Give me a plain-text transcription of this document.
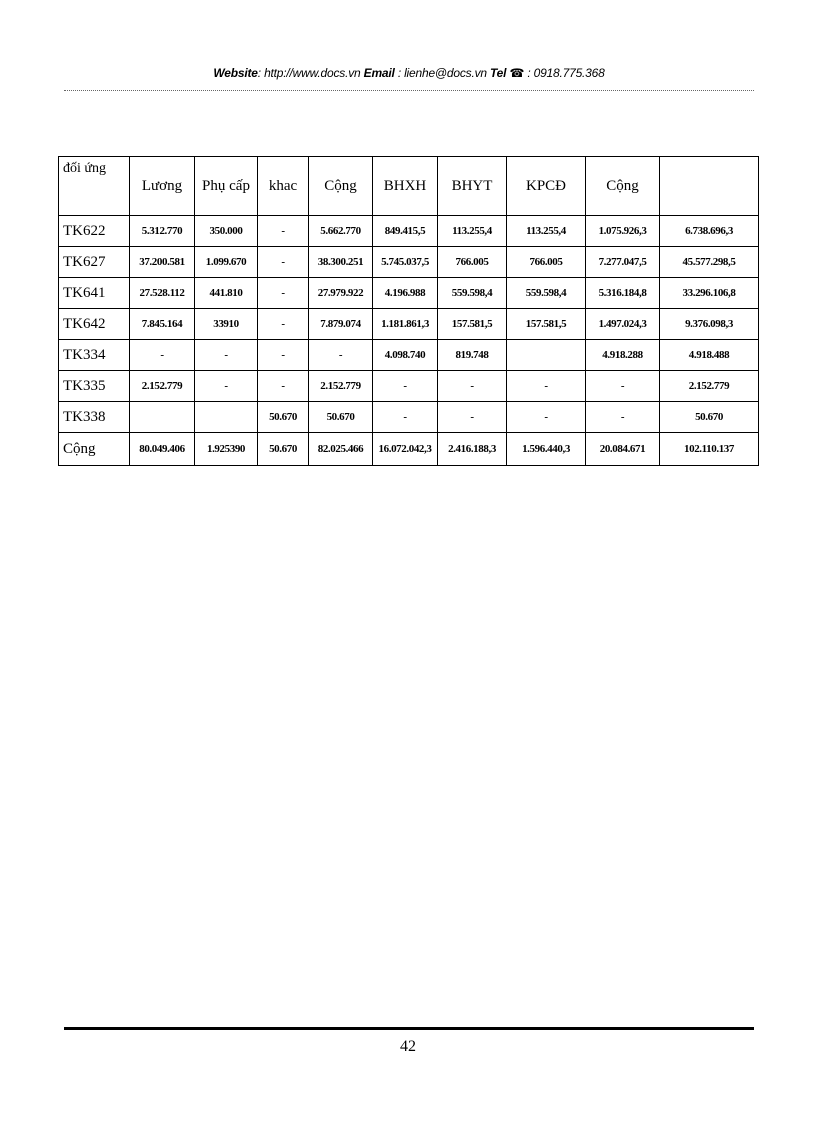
Website: http://www.docs.vn Email : lienhe@docs.vn Tel ☎ : 0918.775.368
đối ứng	Lương	Phụ cấp	khac	Cộng	BHXH	BHYT	KPCĐ	Cộng	
TK622	5.312.770	350.000	-	5.662.770	849.415,5	113.255,4	113.255,4	1.075.926,3	6.738.696,3
TK627	37.200.581	1.099.670	-	38.300.251	5.745.037,5	766.005	766.005	7.277.047,5	45.577.298,5
TK641	27.528.112	441.810	-	27.979.922	4.196.988	559.598,4	559.598,4	5.316.184,8	33.296.106,8
TK642	7.845.164	33910	-	7.879.074	1.181.861,3	157.581,5	157.581,5	1.497.024,3	9.376.098,3
TK334	-	-	-	-	4.098.740	819.748		4.918.288	4.918.488
TK335	2.152.779	-	-	2.152.779	-	-	-	-	2.152.779
TK338			50.670	50.670	-	-	-	-	50.670
Cộng	80.049.406	1.925390	50.670	82.025.466	16.072.042,3	2.416.188,3	1.596.440,3	20.084.671	102.110.137
42
